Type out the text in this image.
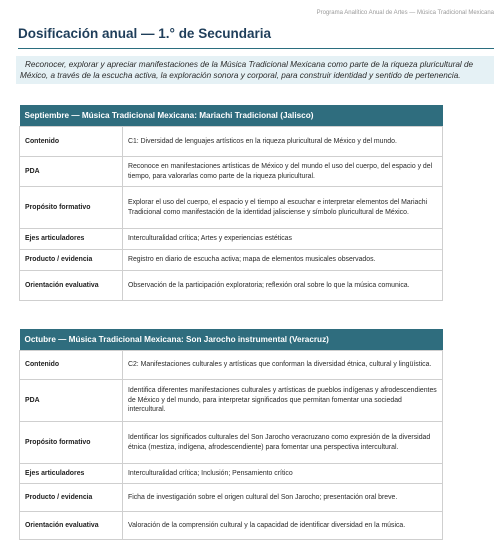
Programa Analítico Anual de Artes — Música Tradicional Mexicana
Dosificación anual — 1.° de Secundaria
Reconocer, explorar y apreciar manifestaciones de la Música Tradicional Mexicana como parte de la riqueza pluricultural de México, a través de la escucha activa, la exploración sonora y corporal, para construir identidad y sentido de pertenencia.
Septiembre — Música Tradicional Mexicana: Mariachi Tradicional (Jalisco)	
Contenido	C1: Diversidad de lenguajes artísticos en la riqueza pluricultural de México y del mundo.
PDA	Reconoce en manifestaciones artísticas de México y del mundo el uso del cuerpo, del espacio y del tiempo, para valorarlas como parte de la riqueza pluricultural.
Propósito formativo	Explorar el uso del cuerpo, el espacio y el tiempo al escuchar e interpretar elementos del Mariachi Tradicional como manifestación de la identidad jalisciense y símbolo pluricultural de México.
Ejes articuladores	Interculturalidad crítica; Artes y experiencias estéticas
Producto / evidencia	Registro en diario de escucha activa; mapa de elementos musicales observados.
Orientación evaluativa	Observación de la participación exploratoria; reflexión oral sobre lo que la música comunica.
Octubre — Música Tradicional Mexicana: Son Jarocho instrumental (Veracruz)	
Contenido	C2: Manifestaciones culturales y artísticas que conforman la diversidad étnica, cultural y lingüística.
PDA	Identifica diferentes manifestaciones culturales y artísticas de pueblos indígenas y afrodescendientes de México y del mundo, para interpretar significados que permitan fomentar una sociedad intercultural.
Propósito formativo	Identificar los significados culturales del Son Jarocho veracruzano como expresión de la diversidad étnica (mestiza, indígena, afrodescendiente) para fomentar una perspectiva intercultural.
Ejes articuladores	Interculturalidad crítica; Inclusión; Pensamiento crítico
Producto / evidencia	Ficha de investigación sobre el origen cultural del Son Jarocho; presentación oral breve.
Orientación evaluativa	Valoración de la comprensión cultural y la capacidad de identificar diversidad en la música.
